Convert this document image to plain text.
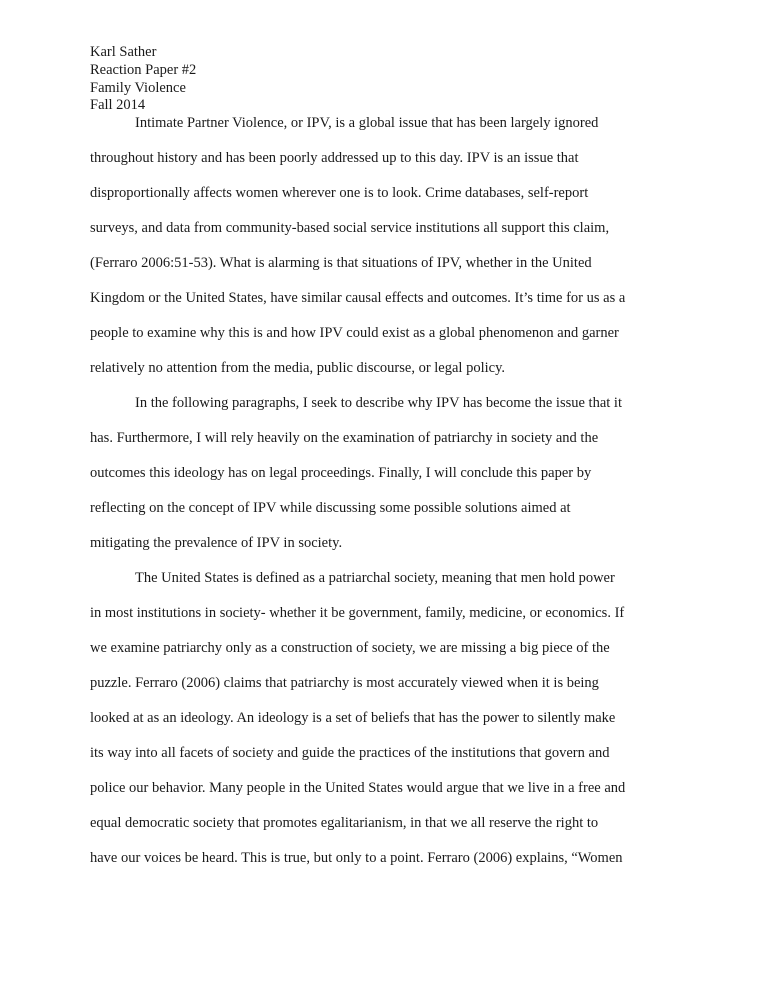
Karl Sather
Reaction Paper #2
Family Violence
Fall 2014
Intimate Partner Violence, or IPV, is a global issue that has been largely ignored
throughout history and has been poorly addressed up to this day. IPV is an issue that
disproportionally affects women wherever one is to look. Crime databases, self-report
surveys, and data from community-based social service institutions all support this claim,
(Ferraro 2006:51-53). What is alarming is that situations of IPV, whether in the United
Kingdom or the United States, have similar causal effects and outcomes. It’s time for us as a
people to examine why this is and how IPV could exist as a global phenomenon and garner
relatively no attention from the media, public discourse, or legal policy.
In the following paragraphs, I seek to describe why IPV has become the issue that it
has. Furthermore, I will rely heavily on the examination of patriarchy in society and the
outcomes this ideology has on legal proceedings. Finally, I will conclude this paper by
reflecting on the concept of IPV while discussing some possible solutions aimed at
mitigating the prevalence of IPV in society.
The United States is defined as a patriarchal society, meaning that men hold power
in most institutions in society- whether it be government, family, medicine, or economics. If
we examine patriarchy only as a construction of society, we are missing a big piece of the
puzzle. Ferraro (2006) claims that patriarchy is most accurately viewed when it is being
looked at as an ideology. An ideology is a set of beliefs that has the power to silently make
its way into all facets of society and guide the practices of the institutions that govern and
police our behavior. Many people in the United States would argue that we live in a free and
equal democratic society that promotes egalitarianism, in that we all reserve the right to
have our voices be heard. This is true, but only to a point. Ferraro (2006) explains, “Women
